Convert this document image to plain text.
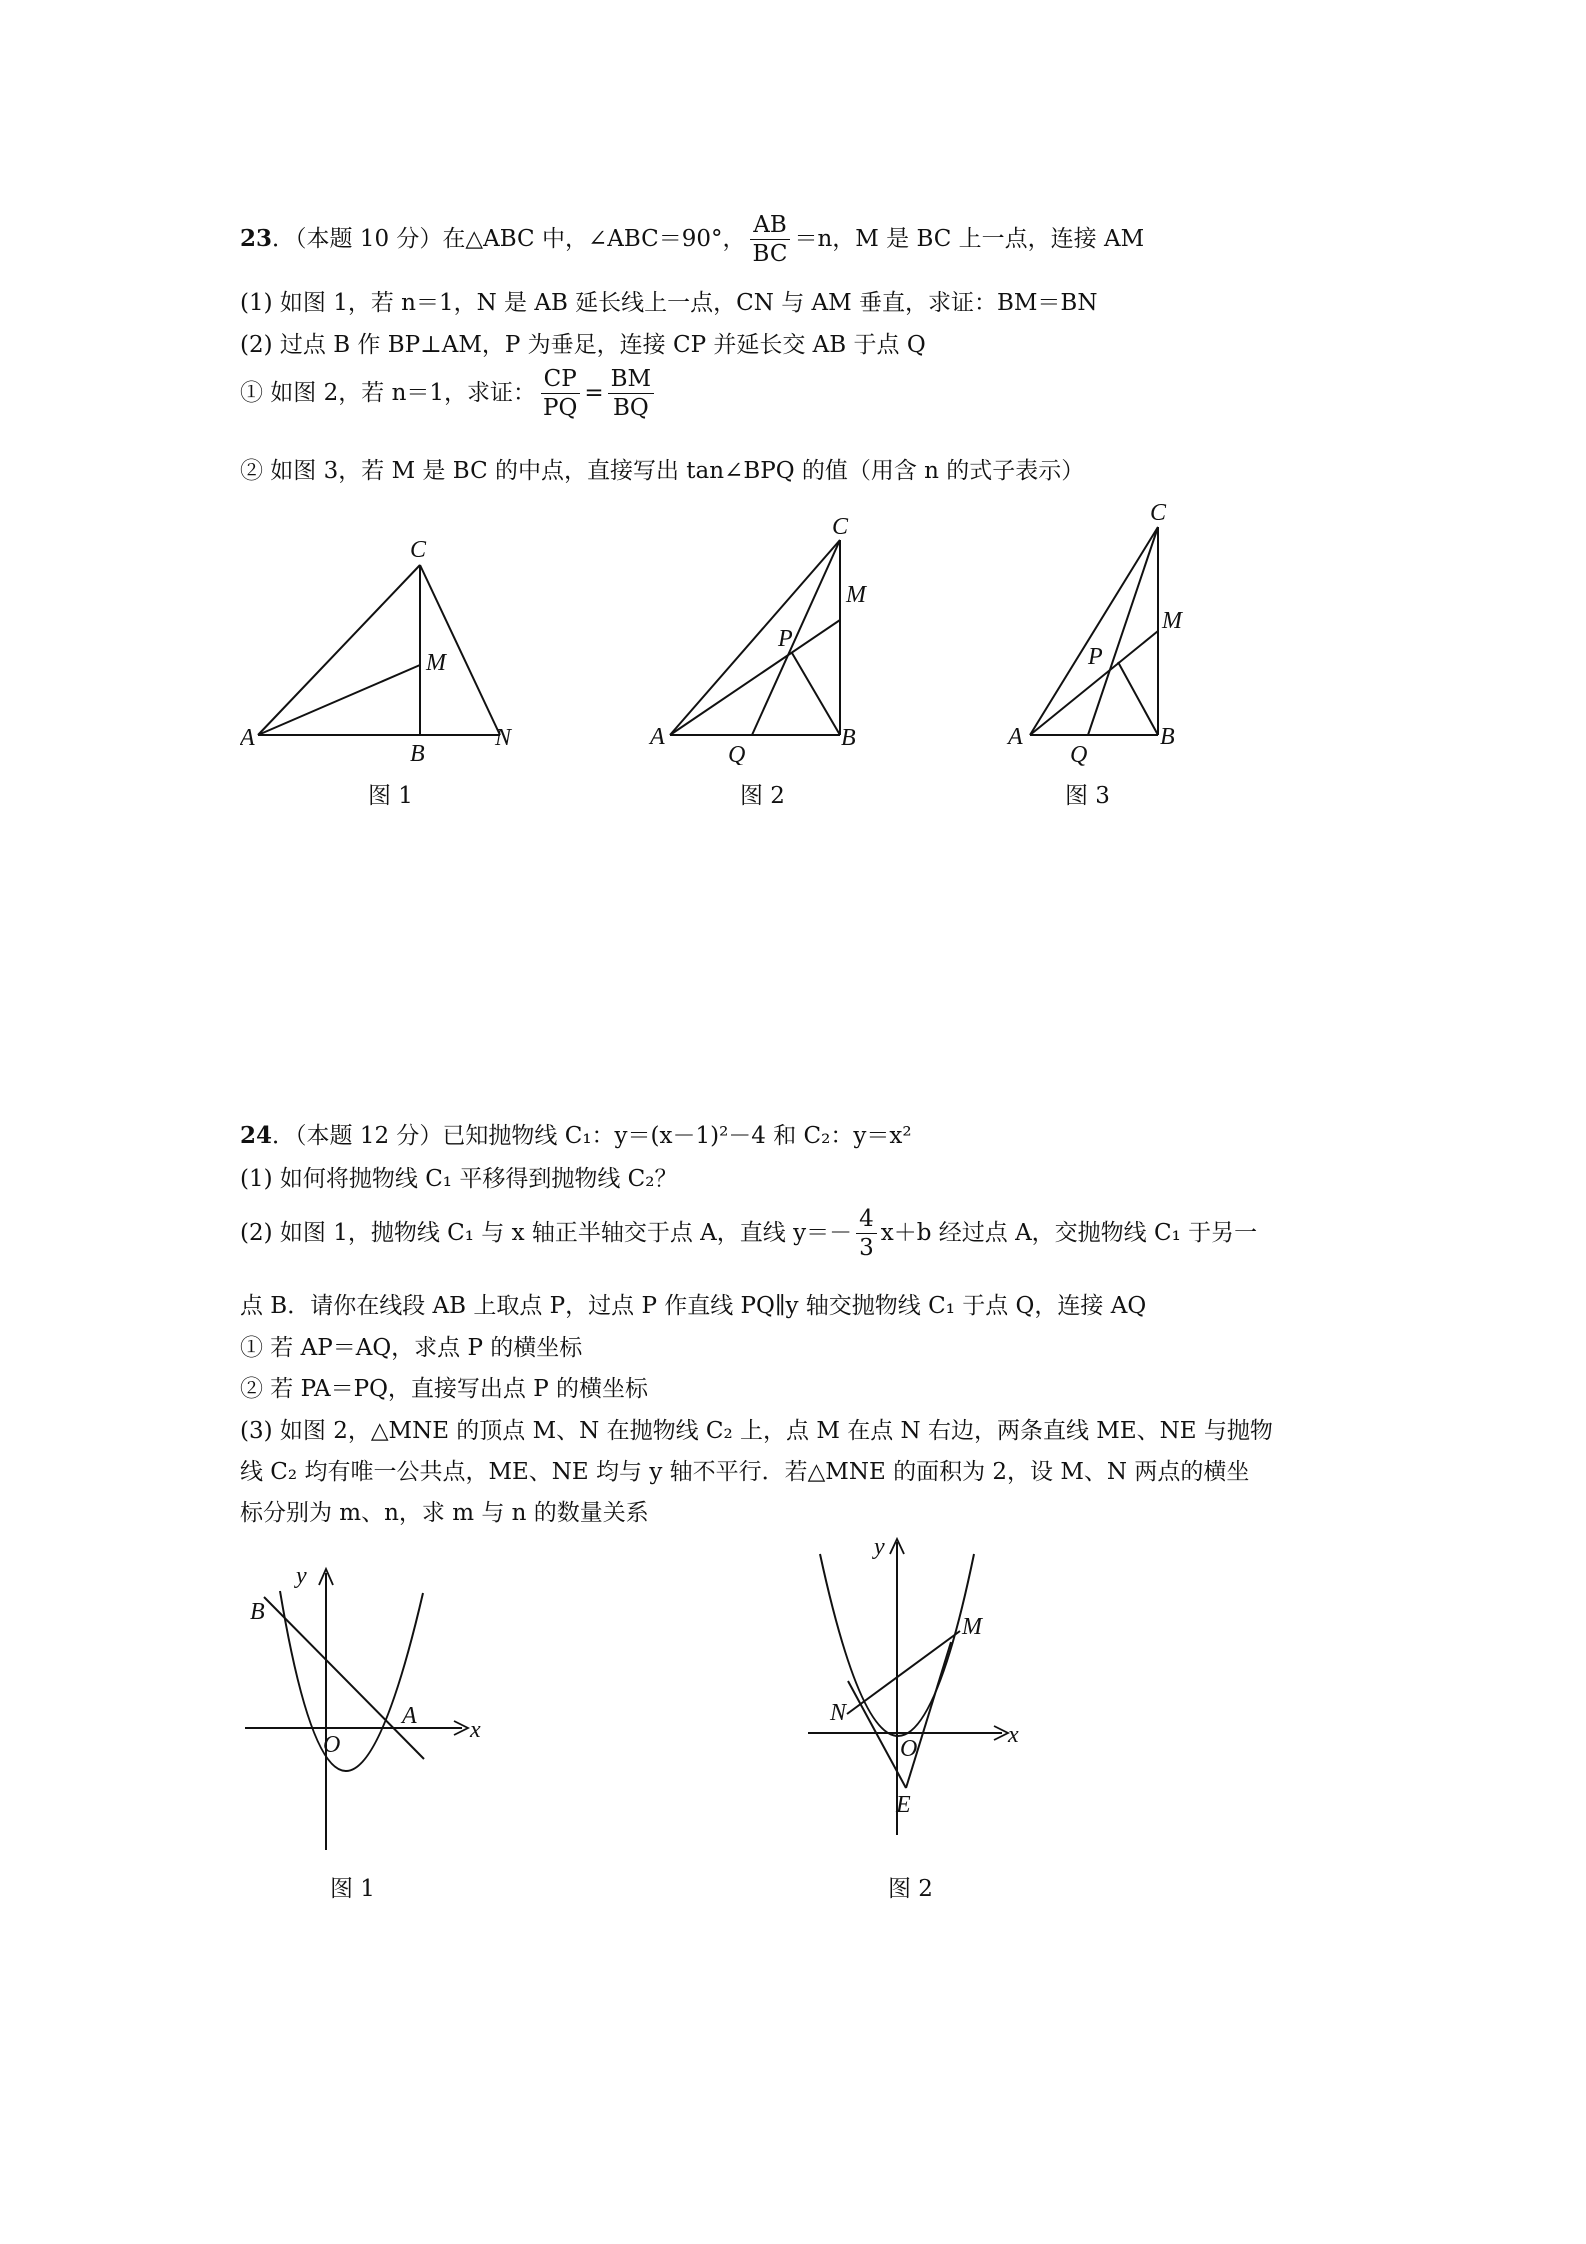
23．（本题 10 分）在△ABC 中，∠ABC＝90°， $\frac{AB}{BC} =n$，M 是 BC 上一点，连接 AM
(1) 如图 1，若 n＝1，N 是 AB 延长线上一点，CN 与 AM 垂直，求证：BM＝BN
(2) 过点 B 作 BP⊥AM，P 为垂足，连接 CP 并延长交 AB 于点 Q
① 如图 2，若 n＝1，求证： $\frac{CP}{PQ} = \frac{BM}{BQ}$
② 如图 3，若 M 是 BC 的中点，直接写出 tan∠BPQ 的值（用含 n 的式子表示）
C
M
A
B
N
图 1
C
M
P
A
Q
B
图 2
C
M
P
A
Q
B
图 3
24．（本题 12 分）已知抛物线 C₁：y＝(x－1)²－4 和 C₂：y＝x²
(1) 如何将抛物线 C₁ 平移得到抛物线 C₂？
(2) 如图 1，抛物线 C₁ 与 x 轴正半轴交于点 A，直线 $y=- \frac{4}{3} x+b$ 经过点 A，交抛物线 C₁ 于另一
点 B．请你在线段 AB 上取点 P，过点 P 作直线 PQ∥y 轴交抛物线 C₁ 于点 Q，连接 AQ
① 若 AP＝AQ，求点 P 的横坐标
② 若 PA＝PQ，直接写出点 P 的横坐标
(3) 如图 2，△MNE 的顶点 M、N 在抛物线 C₂ 上，点 M 在点 N 右边，两条直线 ME、NE 与抛物
线 C₂ 均有唯一公共点，ME、NE 均与 y 轴不平行．若△MNE 的面积为 2，设 M、N 两点的横坐
标分别为 m、n，求 m 与 n 的数量关系
y
x
B
A
O
图 1
y
x
M
N
O
E
图 2
